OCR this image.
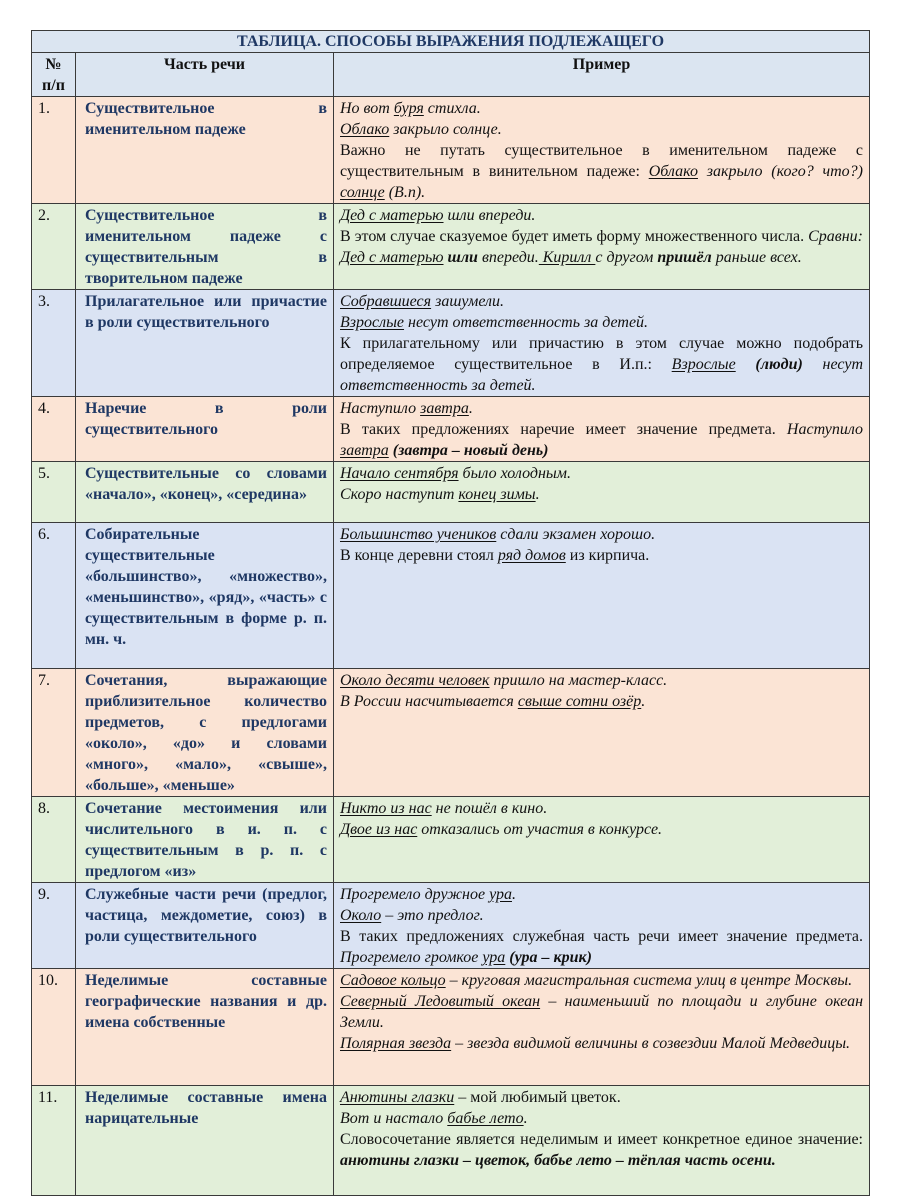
ТАБЛИЦА. СПОСОБЫ ВЫРАЖЕНИЯ ПОДЛЕЖАЩЕГО		
№ п/п	Часть речи	Пример
1.	Существительное в именительном падеже	Но вот буря стихла.
Облако закрыло солнце.
Важно не путать существительное в именительном падеже с существительным в винительном падеже: Облако закрыло (кого? что?) солнце (В.п).

2.	Существительное в именительном падеже с существительным в творительном падеже	Дед с матерью шли впереди.
В этом случае сказуемое будет иметь форму множественного числа. Сравни: Дед с матерью шли впереди. Кирилл с другом пришёл раньше всех.

3.	Прилагательное или причастие в роли существительного	Собравшиеся зашумели.
Взрослые несут ответственность за детей.
К прилагательному или причастию в этом случае можно подобрать определяемое существительное в И.п.: Взрослые (люди) несут ответственность за детей.

4.	Наречие в роли существительного	Наступило завтра.
В таких предложениях наречие имеет значение предмета. Наступило завтра (завтра – новый день)

5.	Существительные со словами «начало», «конец», «середина»	Начало сентября было холодным.
Скоро наступит конец зимы.

6.	Собирательные существительные «большинство», «множество», «меньшинство», «ряд», «часть» с существительным в форме р. п. мн. ч.	Большинство учеников сдали экзамен хорошо.
В конце деревни стоял ряд домов из кирпича.

7.	Сочетания, выражающие приблизительное количество предметов, с предлогами «около», «до» и словами «много», «мало», «свыше», «больше», «меньше»	Около десяти человек пришло на мастер-класс.
В России насчитывается свыше сотни озёр.

8.	Сочетание местоимения или числительного в и. п. с существительным в р. п. с предлогом «из»	Никто из нас не пошёл в кино.
Двое из нас отказались от участия в конкурсе.

9.	Служебные части речи (предлог, частица, междометие, союз) в роли существительного	Прогремело дружное ура.
Около – это предлог.
В таких предложениях служебная часть речи имеет значение предмета. Прогремело громкое ура (ура – крик)

10.	Неделимые составные географические названия и др. имена собственные	Садовое кольцо – круговая магистральная система улиц в центре Москвы.
Северный Ледовитый океан – наименьший по площади и глубине океан Земли.
Полярная звезда – звезда видимой величины в созвездии Малой Медведицы.

11.	Неделимые составные имена нарицательные	Анютины глазки – мой любимый цветок.
Вот и настало бабье лето.
Словосочетание является неделимым и имеет конкретное единое значение: анютины глазки – цветок, бабье лето – тёплая часть осени.
